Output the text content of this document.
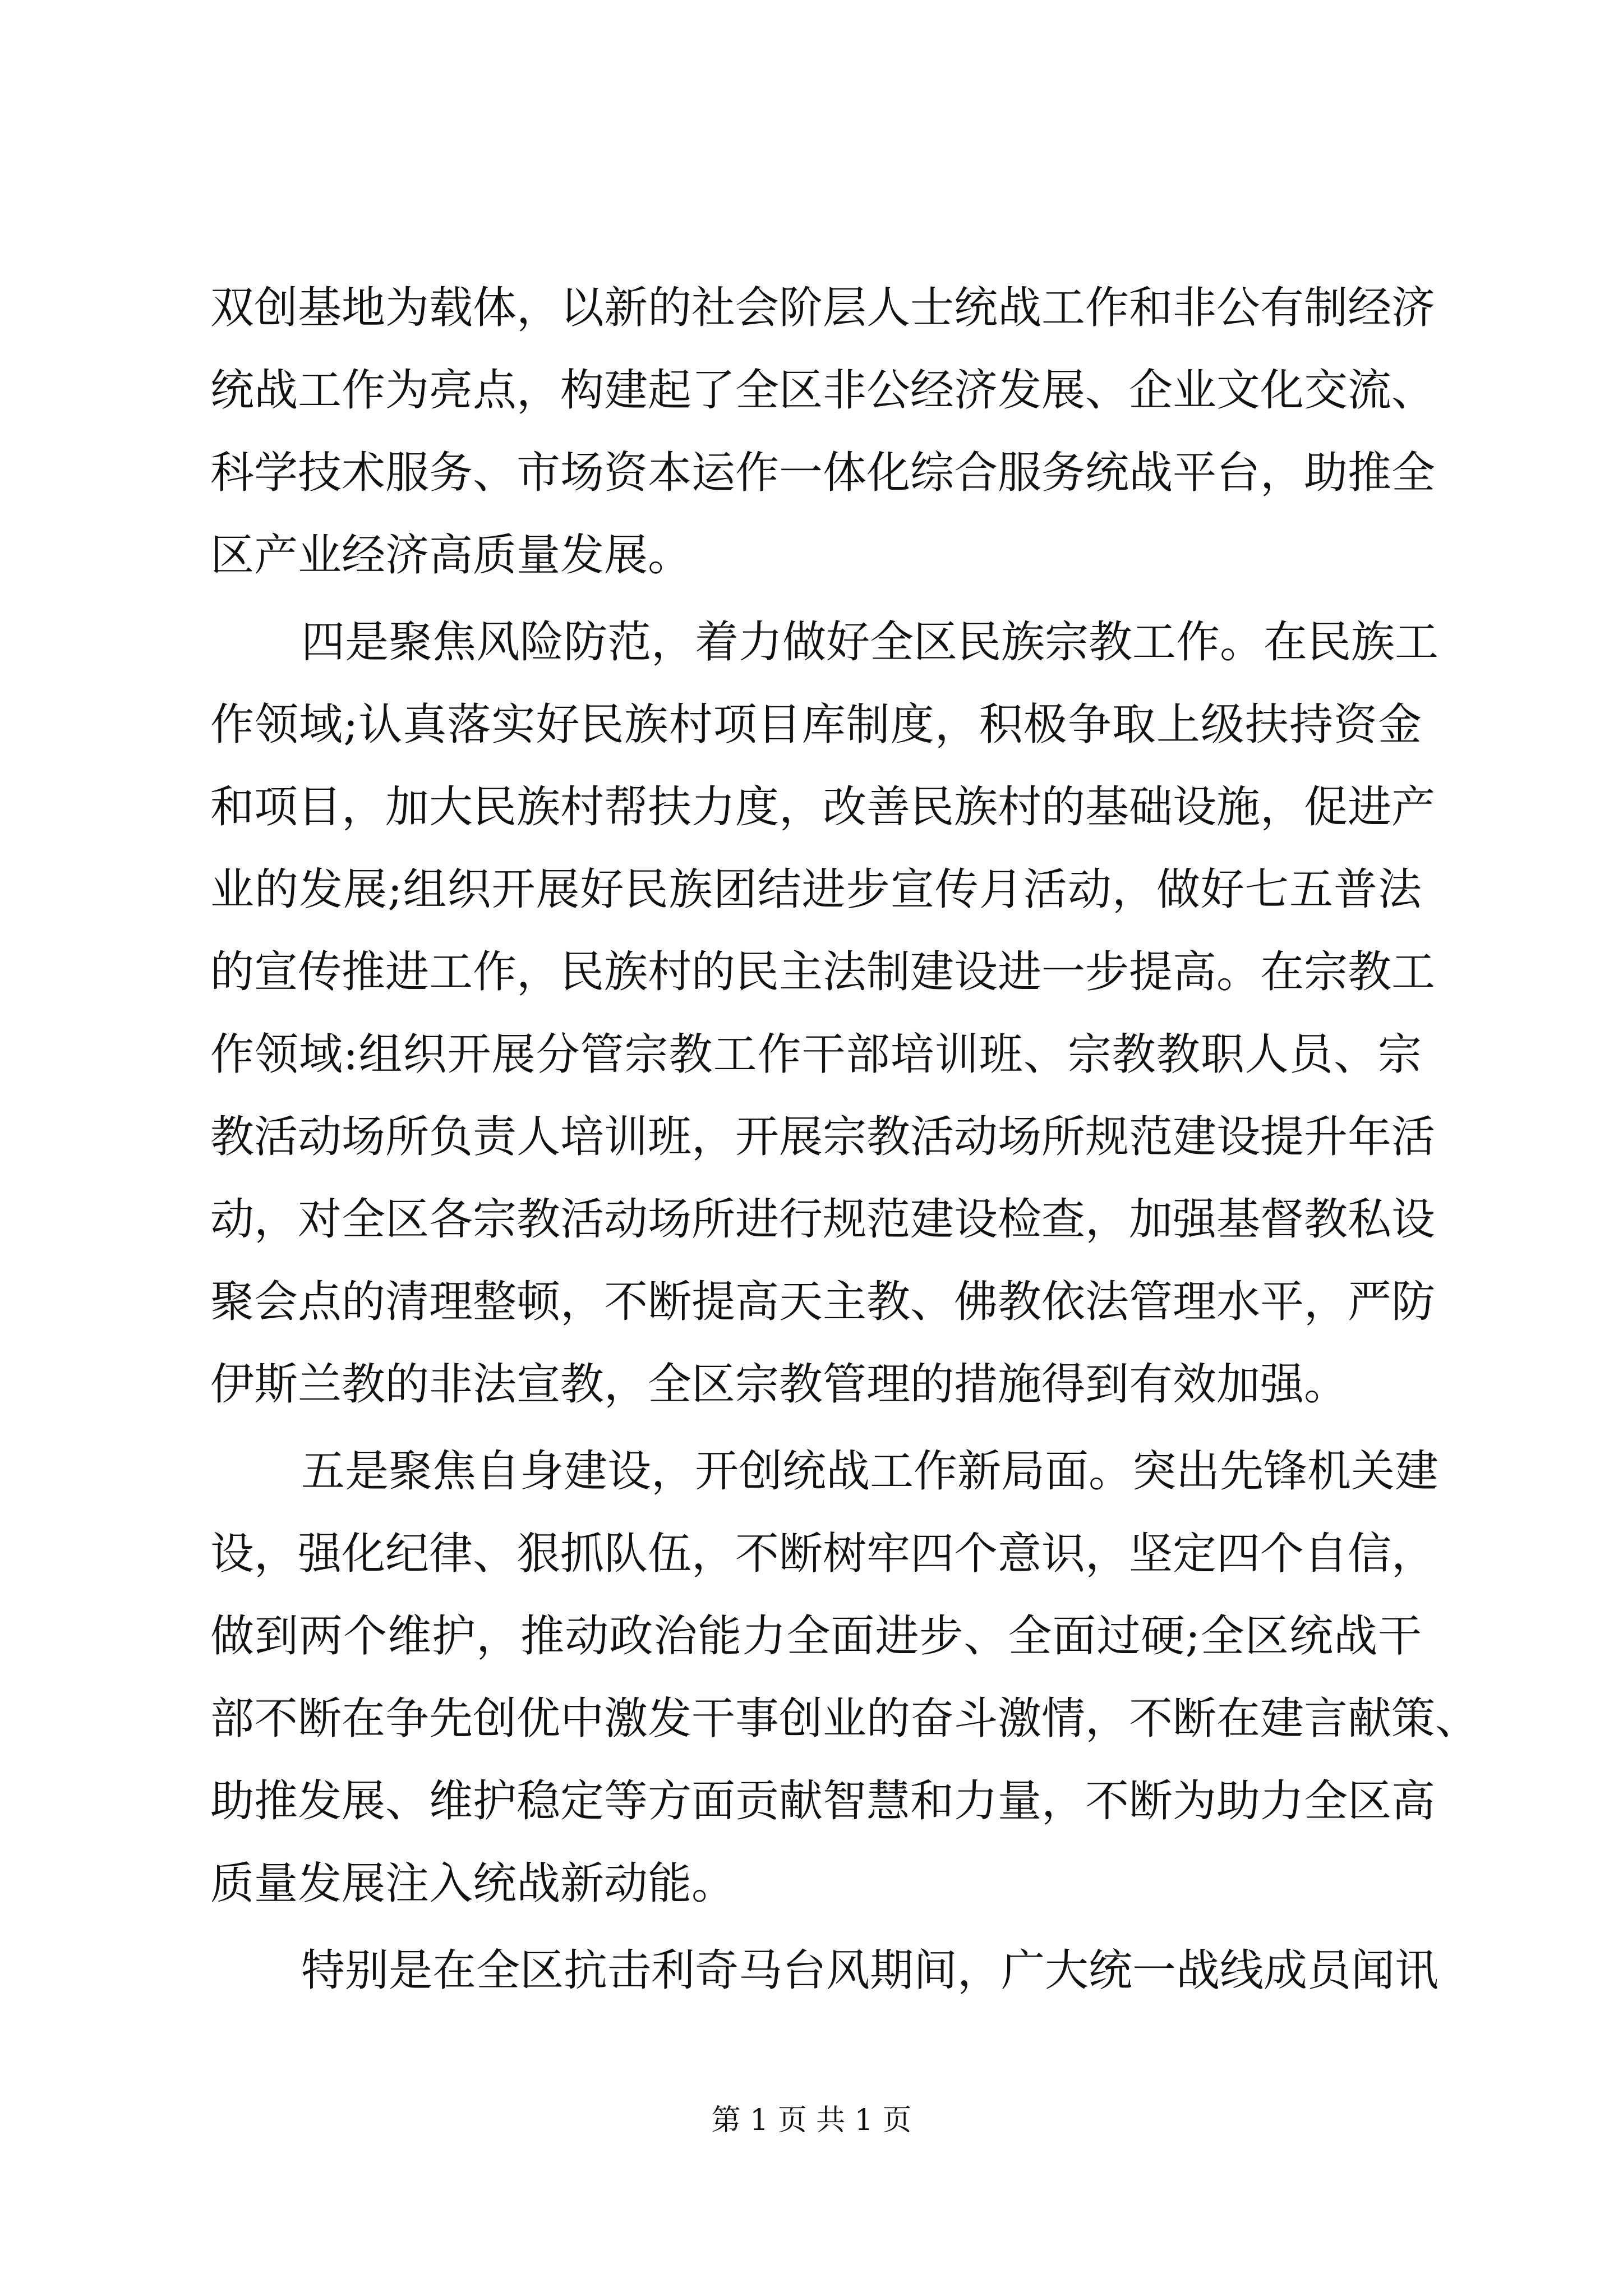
双创基地为载体，以新的社会阶层人士统战工作和非公有制经济
统战工作为亮点，构建起了全区非公经济发展、企业文化交流、
科学技术服务、市场资本运作一体化综合服务统战平台，助推全
区产业经济高质量发展。
四是聚焦风险防范，着力做好全区民族宗教工作。在民族工
作领域;认真落实好民族村项目库制度，积极争取上级扶持资金
和项目，加大民族村帮扶力度，改善民族村的基础设施，促进产
业的发展;组织开展好民族团结进步宣传月活动，做好七五普法
的宣传推进工作，民族村的民主法制建设进一步提高。在宗教工
作领域:组织开展分管宗教工作干部培训班、宗教教职人员、宗
教活动场所负责人培训班，开展宗教活动场所规范建设提升年活
动，对全区各宗教活动场所进行规范建设检查，加强基督教私设
聚会点的清理整顿，不断提高天主教、佛教依法管理水平，严防
伊斯兰教的非法宣教，全区宗教管理的措施得到有效加强。
五是聚焦自身建设，开创统战工作新局面。突出先锋机关建
设，强化纪律、狠抓队伍，不断树牢四个意识，坚定四个自信，
做到两个维护，推动政治能力全面进步、全面过硬;全区统战干
部不断在争先创优中激发干事创业的奋斗激情，不断在建言献策、
助推发展、维护稳定等方面贡献智慧和力量，不断为助力全区高
质量发展注入统战新动能。
特别是在全区抗击利奇马台风期间，广大统一战线成员闻讯
第 1 页 共 1 页
